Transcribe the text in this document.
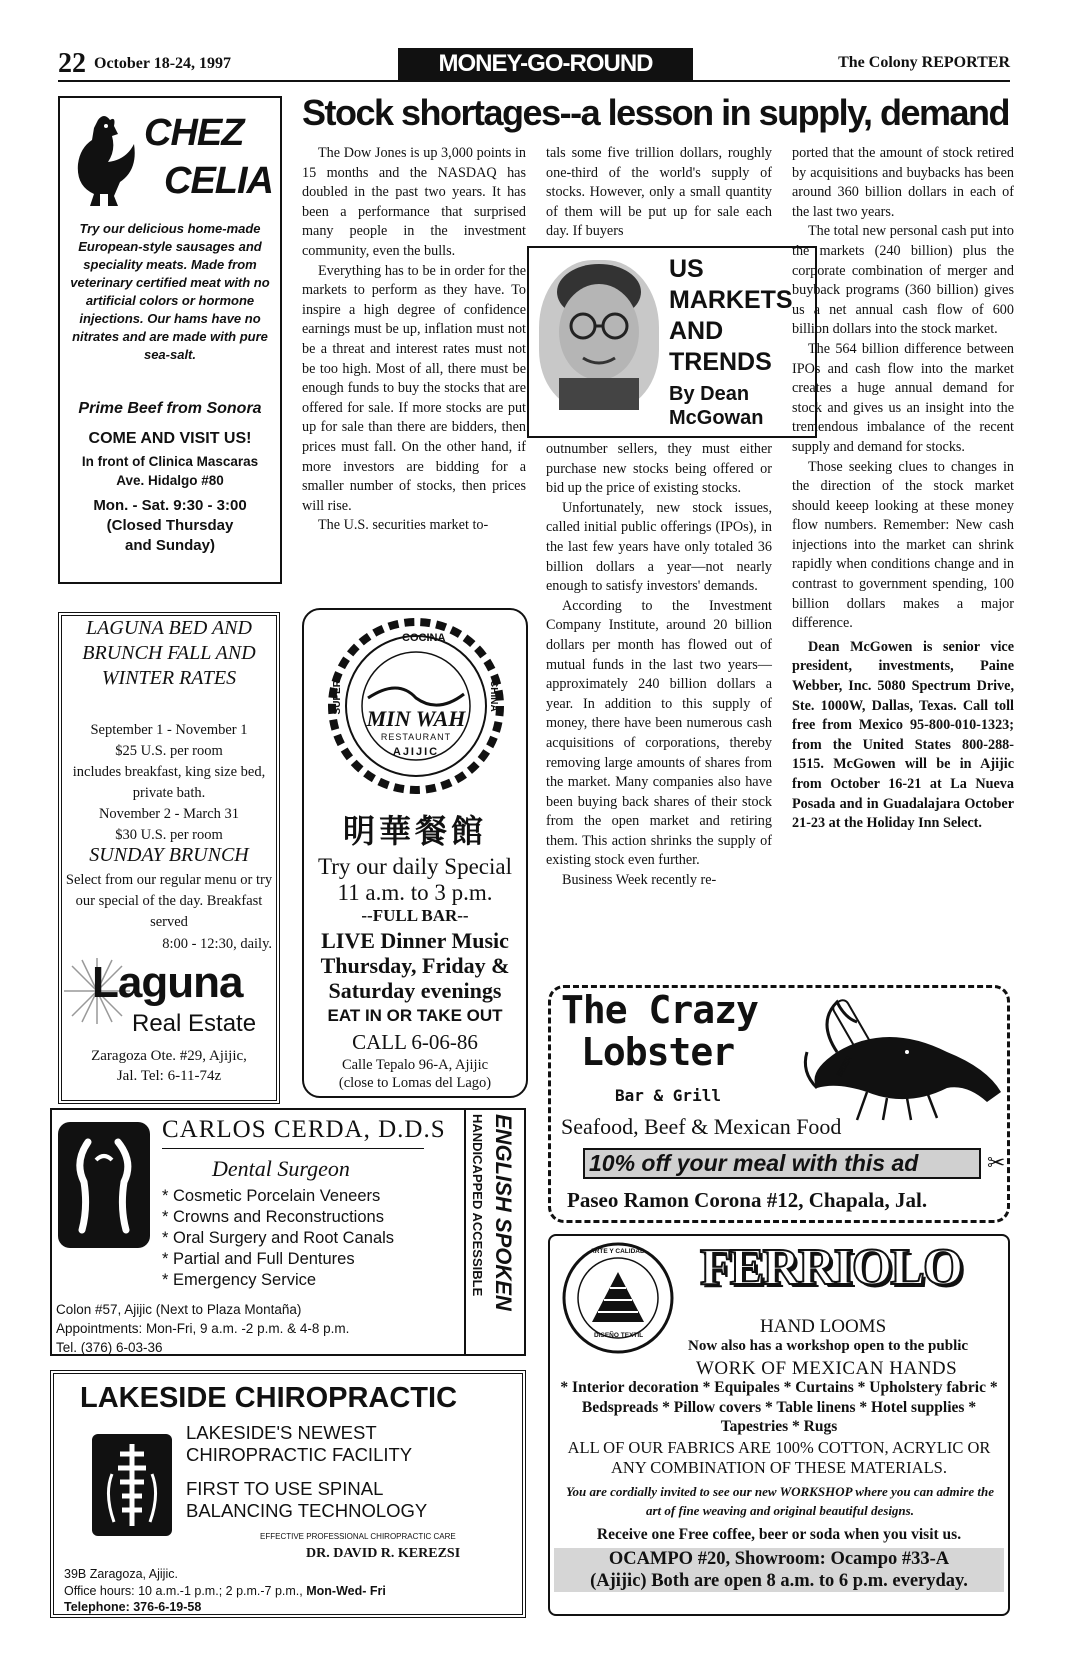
22 October 18-24, 1997	MONEY-GO-ROUND	The Colony REPORTER
Stock shortages--a lesson in supply, demand

The Dow Jones is up 3,000 points in 15 months and the NASDAQ has doubled in the past two years. It has been a performance that surprised many people in the investment community, even the bulls.

Everything has to be in order for the markets to perform as they have. To inspire a high degree of confidence earnings must be up, inflation must not be a threat and interest rates must not be too high. Most of all, there must be enough funds to buy the stocks that are offered for sale. If more stocks are put up for sale than there are bidders, then prices must fall. On the other hand, if more investors are bidding for a smaller number of stocks, then prices will rise.

The U.S. securities market to-

tals some five trillion dollars, roughly one-third of the world's supply of stocks. However, only a small quantity of them will be put up for sale each day. If buyers

US
MARKETS
AND
TRENDS
By Dean
McGowan

outnumber sellers, they must either purchase new stocks being offered or bid up the price of existing stocks.

Unfortunately, new stock issues, called initial public offerings (IPOs), in the last few years have only totaled 36 billion dollars a year—not nearly enough to satisfy investors' demands.

According to the Investment Company Institute, around 20 billion dollars per month has flowed out of mutual funds in the last two years—approximately 240 billion dollars a year. In addition to this supply of money, there have been numerous cash acquisitions of corporations, thereby removing large amounts of shares from the market. Many companies also have been buying back shares of their stock from the open market and retiring them. This action shrinks the supply of existing stock even further.

Business Week recently re-

ported that the amount of stock retired by acquisitions and buybacks has been around 360 billion dollars in each of the last two years.

The total new personal cash put into the markets (240 billion) plus the corporate combination of merger and buyback programs (360 billion) gives us a net annual cash flow of 600 billion dollars into the stock market.

The 564 billion difference between IPOs and cash flow into the market creates a huge annual demand for stock and gives us an insight into the tremendous imbalance of the recent supply and demand for stocks.

Those seeking clues to changes in the direction of the stock market should keeep looking at these money flow numbers. Remember: New cash injections into the market can shrink rapidly when conditions change and in contrast to government spending, 100 billion dollars makes a major difference.

Dean McGowen is senior vice president, investments, Paine Webber, Inc. 5080 Spectrum Drive, Ste. 1000W, Dallas, Texas. Call toll free from Mexico 95-800-010-1323; from the United States 800-288-1515. McGowen will be in Ajijic from October 16-21 at La Nueva Posada and in Guadalajara October 21-23 at the Holiday Inn Select.

CHEZ
CELIA
Try our delicious home-made European-style sausages and speciality meats. Made from veterinary certified meat with no artificial colors or hormone injections. Our hams have no nitrates and are made with pure sea-salt.
Prime Beef from Sonora
COME AND VISIT US!
In front of Clinica Mascaras
Ave. Hidalgo #80
Mon. - Sat. 9:30 - 3:00
(Closed Thursday
and Sunday)
LAGUNA BED AND BRUNCH FALL AND WINTER RATES
September 1 - November 1
$25 U.S. per room
includes breakfast, king size bed, private bath.
November 2 - March 31
$30 U.S. per room
SUNDAY BRUNCH
Select from our regular menu or try our special of the day. Breakfast served
8:00 - 12:30, daily.
Laguna
Real Estate
Zaragoza Ote. #29, Ajijic,
Jal. Tel: 6-11-74z
COCINA
SUPER	CHINA
MIN WAH
RESTAURANT
AJIJIC
明華餐館
Try our daily Special
11 a.m. to 3 p.m.
--FULL BAR--
LIVE Dinner Music
Thursday, Friday &
Saturday evenings
EAT IN OR TAKE OUT
CALL 6-06-86
Calle Tepalo 96-A, Ajijic
(close to Lomas del Lago)
The Crazy
Lobster
Bar & Grill
BEER
Seafood, Beef & Mexican Food
10% off your meal with this ad	✂
Paseo Ramon Corona #12, Chapala, Jal.
CARLOS CERDA, D.D.S
Dental Surgeon
* Cosmetic Porcelain Veneers
* Crowns and Reconstructions
* Oral Surgery and Root Canals
* Partial and Full Dentures
* Emergency Service
Colon #57, Ajijic (Next to Plaza Montaña)
Appointments: Mon-Fri, 9 a.m. -2 p.m. & 4-8 p.m.
Tel. (376) 6-03-36
ENGLISH SPOKEN
HANDICAPPED ACCESSIBLE
LAKESIDE CHIROPRACTIC
LAKESIDE'S NEWEST
CHIROPRACTIC FACILITY
FIRST TO USE SPINAL
BALANCING TECHNOLOGY
EFFECTIVE PROFESSIONAL CHIROPRACTIC CARE
DR. DAVID R. KEREZSI
39B Zaragoza, Ajijic.
Office hours: 10 a.m.-1 p.m.; 2 p.m.-7 p.m., Mon-Wed- Fri
Telephone: 376-6-19-58
ARTE Y CALIDAD
DISEÑO TEXTIL
FERRIOLO
HAND LOOMS
Now also has a workshop open to the public
WORK OF MEXICAN HANDS
* Interior decoration * Equipales * Curtains * Upholstery fabric * Bedspreads * Pillow covers * Table linens * Hotel supplies * Tapestries * Rugs
ALL OF OUR FABRICS ARE 100% COTTON, ACRYLIC OR ANY COMBINATION OF THESE MATERIALS.
You are cordially invited to see our new WORKSHOP where you can admire the art of fine weaving and original beautiful designs.
Receive one Free coffee, beer or soda when you visit us.
OCAMPO #20, Showroom: Ocampo #33-A
(Ajijic) Both are open 8 a.m. to 6 p.m. everyday.
